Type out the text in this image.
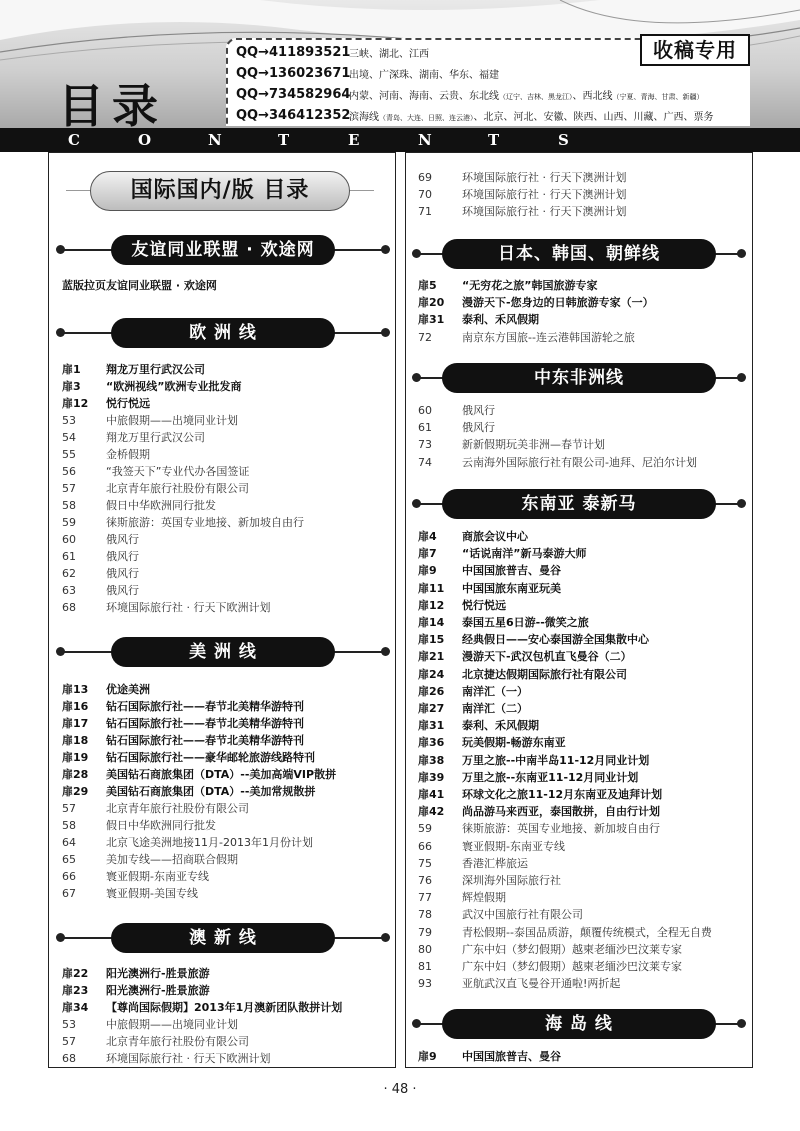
目录
QQ→411893521
三峡、湖北、江西
QQ→136023671
出境、广深珠、湖南、华东、福建
QQ→734582964
内蒙、河南、海南、云贵、东北线（辽宁、吉林、黑龙江）、西北线（宁夏、青海、甘肃、新疆）
QQ→346412352
滨海线（青岛、大连、日照、连云港）、北京、河北、安徽、陕西、山西、川藏、广西、票务
收稿专用
C	O	N	T	E	N	T	S
国际国内/版 目录
友谊同业联盟 · 欢途网
蓝版拉页 友谊同业联盟 · 欢途网
欧 洲 线
扉1 翔龙万里行武汉公司
扉3 “欧洲视线”欧洲专业批发商
扉12 悦行悦远
53	中旅假期——出境同业计划
54	翔龙万里行武汉公司
55	金桥假期
56	“我签天下”专业代办各国签证
57	北京青年旅行社股份有限公司
58	假日中华欧洲同行批发
59	徕斯旅游：英国专业地接、新加坡自由行
60	俄风行
61	俄风行
62	俄风行
63	俄风行
68	环境国际旅行社 · 行天下欧洲计划
美 洲 线
扉13 优途美洲
扉16 钻石国际旅行社——春节北美精华游特刊
扉17 钻石国际旅行社——春节北美精华游特刊
扉18 钻石国际旅行社——春节北美精华游特刊
扉19 钻石国际旅行社——豪华邮轮旅游线路特刊
扉28 美国钻石商旅集团（DTA）--美加高端VIP散拼
扉29 美国钻石商旅集团（DTA）--美加常规散拼
57	北京青年旅行社股份有限公司
58	假日中华欧洲同行批发
64	北京飞途美洲地接11月-2013年1月份计划
65	美加专线——招商联合假期
66	寰亚假期-东南亚专线
67	寰亚假期-美国专线
澳 新 线
扉22 阳光澳洲行-胜景旅游
扉23 阳光澳洲行-胜景旅游
扉34 【尊尚国际假期】2013年1月澳新团队散拼计划
53	中旅假期——出境同业计划
57	北京青年旅行社股份有限公司
68	环境国际旅行社 · 行天下欧洲计划
69	环境国际旅行社 · 行天下澳洲计划
70	环境国际旅行社 · 行天下澳洲计划
71	环境国际旅行社 · 行天下澳洲计划
日本、韩国、朝鲜线
扉5 “无穷花之旅”韩国旅游专家
扉20 漫游天下-您身边的日韩旅游专家（一）
扉31 泰利、禾风假期
72	南京东方国旅--连云港韩国游轮之旅
中东非洲线
60	俄风行
61	俄风行
73	新新假期玩美非洲—春节计划
74	云南海外国际旅行社有限公司-迪拜、尼泊尔计划
东南亚 泰新马
扉4 商旅会议中心
扉7 “话说南洋”新马泰游大师
扉9 中国国旅普吉、曼谷
扉11 中国国旅东南亚玩美
扉12 悦行悦远
扉14 泰国五星6日游--微笑之旅
扉15 经典假日——安心泰国游全国集散中心
扉21 漫游天下-武汉包机直飞曼谷（二）
扉24 北京捷达假期国际旅行社有限公司
扉26 南洋汇（一）
扉27 南洋汇（二）
扉31 泰利、禾风假期
扉36 玩美假期-畅游东南亚
扉38 万里之旅--中南半岛11-12月同业计划
扉39 万里之旅--东南亚11-12月同业计划
扉41 环球文化之旅11-12月东南亚及迪拜计划
扉42 尚品游马来西亚，泰国散拼，自由行计划
59	徕斯旅游：英国专业地接、新加坡自由行
66	寰亚假期-东南亚专线
75	香港汇桦旅运
76	深圳海外国际旅行社
77	辉煌假期
78	武汉中国旅行社有限公司
79	青松假期--泰国品质游，颠覆传统模式，全程无自费
80	广东中妇（梦幻假期）越柬老缅沙巴汶莱专家
81	广东中妇（梦幻假期）越柬老缅沙巴汶莱专家
93	亚航武汉直飞曼谷开通啦!两折起
海 岛 线
扉9 中国国旅普吉、曼谷
· 48 ·
